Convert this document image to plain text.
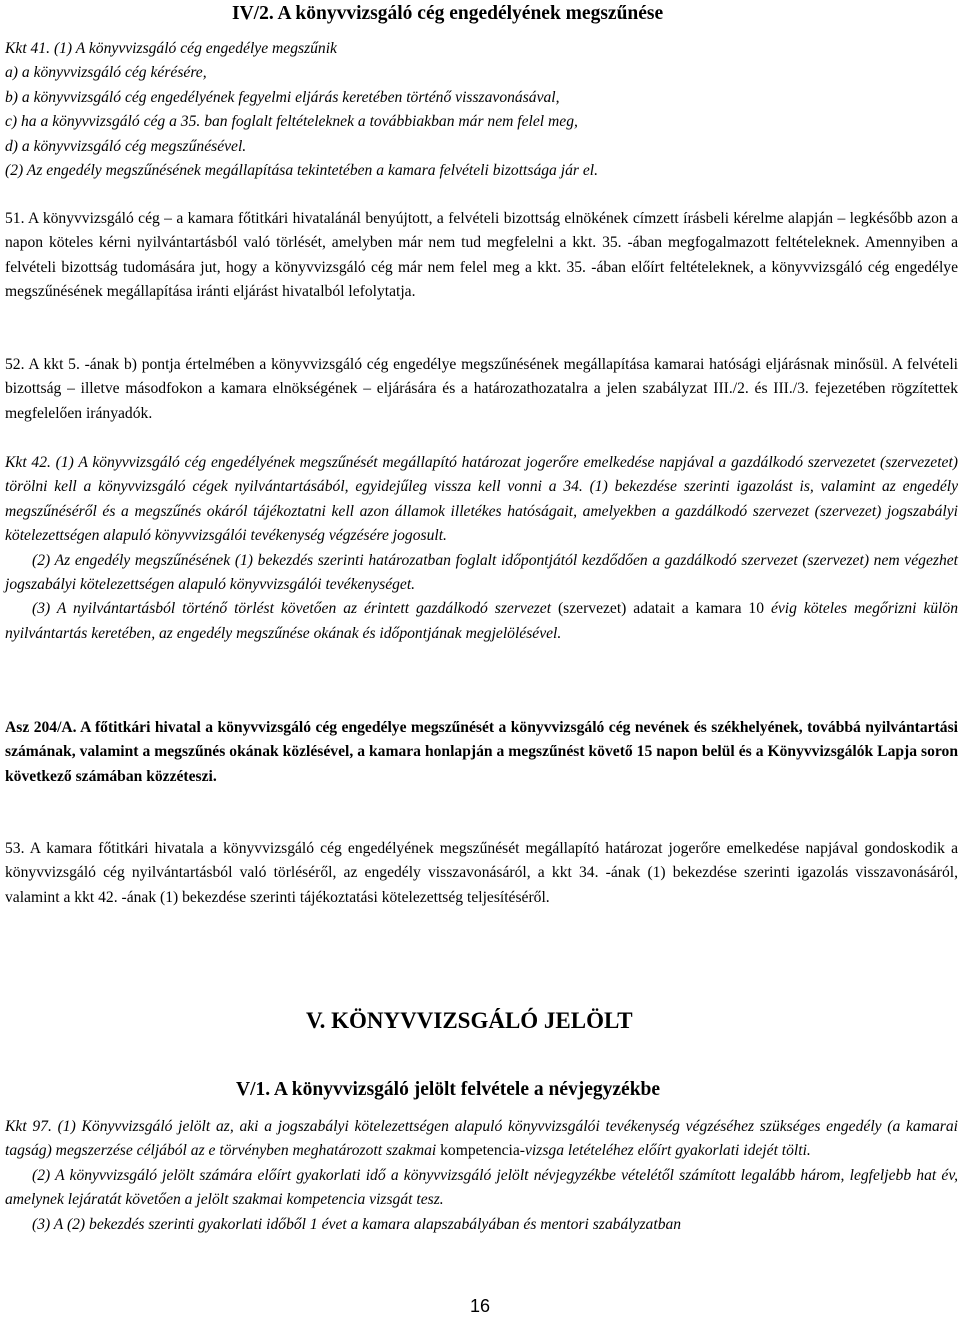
IV/2. A könyvvizsgáló cég engedélyének megszűnése

Kkt 41. (1) A könyvvizsgáló cég engedélye megszűnik

a) a könyvvizsgáló cég kérésére,

b) a könyvvizsgáló cég engedélyének fegyelmi eljárás keretében történő visszavonásával,

c) ha a könyvvizsgáló cég a 35. ban foglalt feltételeknek a továbbiakban már nem felel meg,

d) a könyvvizsgáló cég megszűnésével.

(2) Az engedély megszűnésének megállapítása tekintetében a kamara felvételi bizottsága jár el.

51. A könyvvizsgáló cég – a kamara főtitkári hivatalánál benyújtott, a felvételi bizottság elnökének címzett írásbeli kérelme alapján – legkésőbb azon a napon köteles kérni nyilvántartásból való törlését, amelyben már nem tud megfelelni a kkt. 35. -ában megfogalmazott feltételeknek. Amennyiben a felvételi bizottság tudomására jut, hogy a könyvvizsgáló cég már nem felel meg a kkt. 35. -ában előírt feltételeknek, a könyvvizsgáló cég engedélye megszűnésének megállapítása iránti eljárást hivatalból lefolytatja.

52. A kkt 5. -ának b) pontja értelmében a könyvvizsgáló cég engedélye megszűnésének megállapítása kamarai hatósági eljárásnak minősül. A felvételi bizottság – illetve másodfokon a kamara elnökségének – eljárására és a határozathozatalra a jelen szabályzat III./2. és III./3. fejezetében rögzítettek megfelelően irányadók.

Kkt 42. (1) A könyvvizsgáló cég engedélyének megszűnését megállapító határozat jogerőre emelkedése napjával a gazdálkodó szervezetet (szervezetet) törölni kell a könyvvizsgáló cégek nyilvántartásából, egyidejűleg vissza kell vonni a 34. (1) bekezdése szerinti igazolást is, valamint az engedély megszűnéséről és a megszűnés okáról tájékoztatni kell azon államok illetékes hatóságait, amelyekben a gazdálkodó szervezet (szervezet) jogszabályi kötelezettségen alapuló könyvvizsgálói tevékenység végzésére jogosult.

(2) Az engedély megszűnésének (1) bekezdés szerinti határozatban foglalt időpontjától kezdődően a gazdálkodó szervezet (szervezet) nem végezhet jogszabályi kötelezettségen alapuló könyvvizsgálói tevékenységet.

(3) A nyilvántartásból történő törlést követően az érintett gazdálkodó szervezet (szervezet) adatait a kamara 10 évig köteles megőrizni külön nyilvántartás keretében, az engedély megszűnése okának és időpontjának megjelölésével.

Asz 204/A. A főtitkári hivatal a könyvvizsgáló cég engedélye megszűnését a könyvvizsgáló cég nevének és székhelyének, továbbá nyilvántartási számának, valamint a megszűnés okának közlésével, a kamara honlapján a megszűnést követő 15 napon belül és a Könyvvizsgálók Lapja soron következő számában közzéteszi.

53. A kamara főtitkári hivatala a könyvvizsgáló cég engedélyének megszűnését megállapító határozat jogerőre emelkedése napjával gondoskodik a könyvvizsgáló cég nyilvántartásból való törléséről, az engedély visszavonásáról, a kkt 34. -ának (1) bekezdése szerinti igazolás visszavonásáról, valamint a kkt 42. -ának (1) bekezdése szerinti tájékoztatási kötelezettség teljesítéséről.

V. KÖNYVVIZSGÁLÓ JELÖLT
V/1. A könyvvizsgáló jelölt felvétele a névjegyzékbe

Kkt 97. (1) Könyvvizsgáló jelölt az, aki a jogszabályi kötelezettségen alapuló könyvvizsgálói tevékenység végzéséhez szükséges engedély (a kamarai tagság) megszerzése céljából az e törvényben meghatározott szakmai kompetencia-vizsga letételéhez előírt gyakorlati idejét tölti.

(2) A könyvvizsgáló jelölt számára előírt gyakorlati idő a könyvvizsgáló jelölt névjegyzékbe vételétől számított legalább három, legfeljebb hat év, amelynek lejáratát követően a jelölt szakmai kompetencia vizsgát tesz.

(3) A (2) bekezdés szerinti gyakorlati időből 1 évet a kamara alapszabályában és mentori szabályzatban

16
